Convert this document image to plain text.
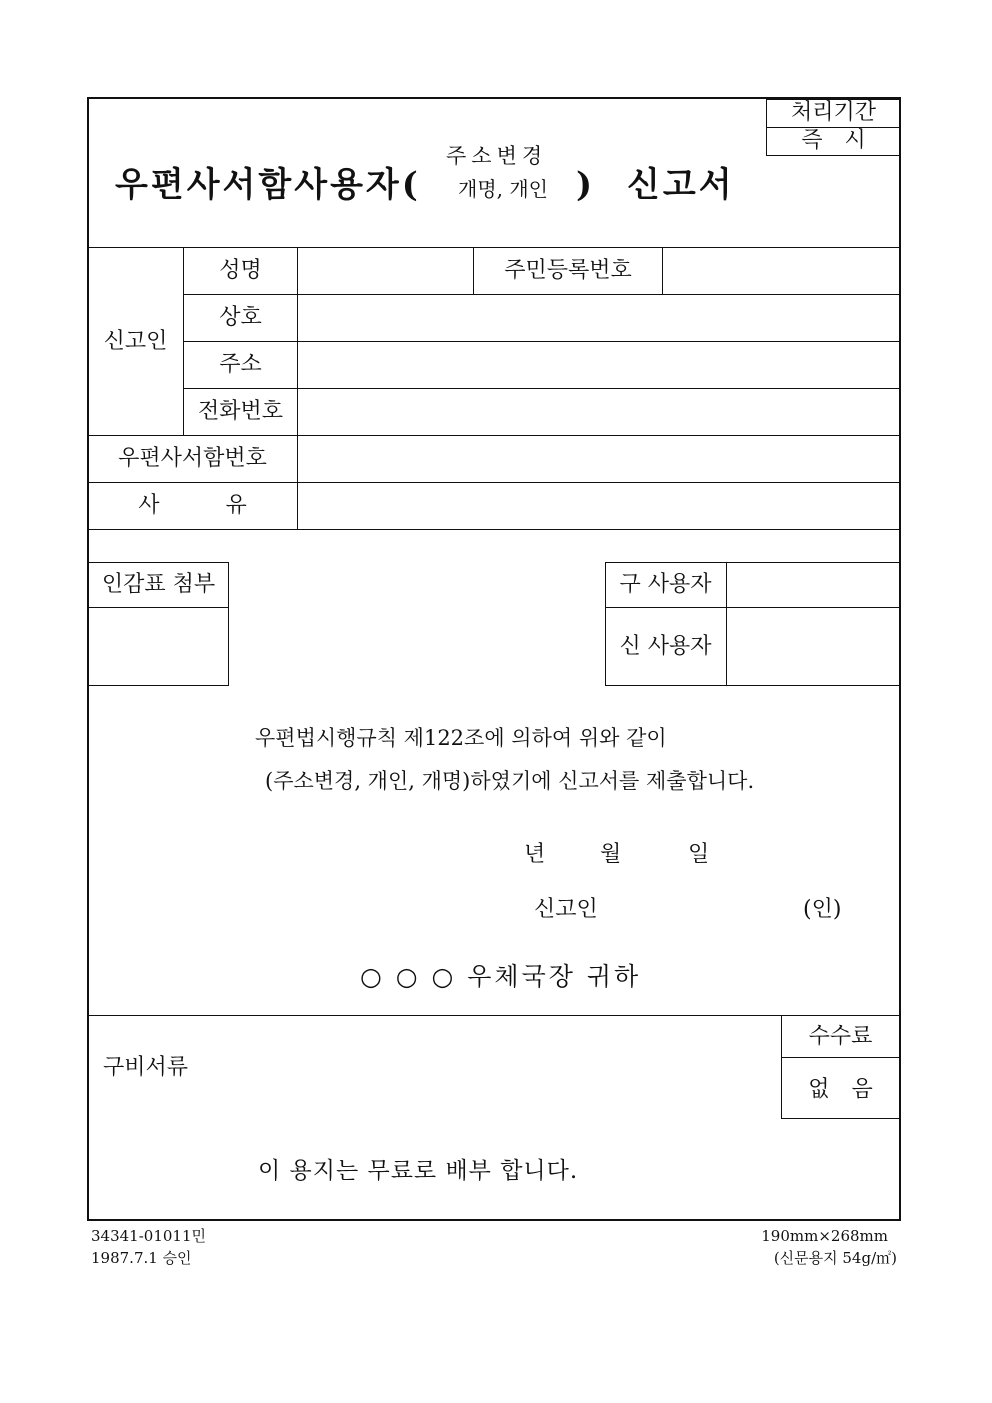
처리기간
즉　시
우편사서함사용자(
주소변경
개명, 개인 ) 신고서
신고인
성명	주민등록번호
상호
주소
전화번호
우편사서함번호
사　　　유
인감표 첨부	구 사용자
신 사용자
우편법시행규칙 제122조에 의하여 위와 같이
(주소변경, 개인, 개명)하였기에 신고서를 제출합니다.
년 월	일
신고인	(인)
○ ○ ○ 우체국장 귀하
수수료
없　음
구비서류
이 용지는 무료로 배부 합니다.
34341-01011민
1987.7.1 승인
190mm×268mm
(신문용지 54g/㎡)
